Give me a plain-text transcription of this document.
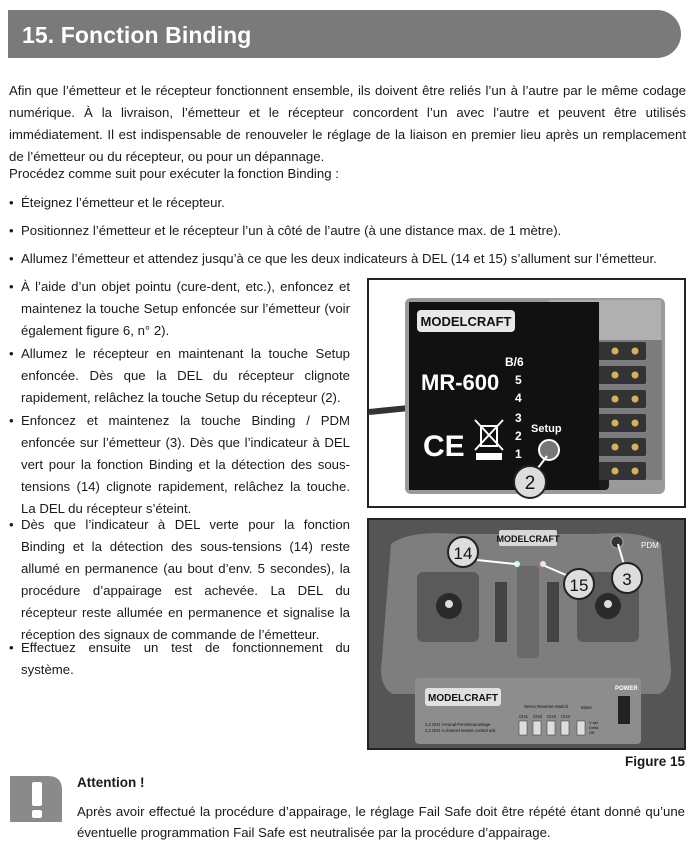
15. Fonction Binding
Afin que l’émetteur et le récepteur fonctionnent ensemble, ils doivent être reliés l’un à l’autre par le même codage numérique. À la livraison, l’émetteur et le récepteur concordent l’un avec l’autre et peuvent être utilisés immédiatement. Il est indispensable de renouveler le réglage de la liaison en premier lieu après un remplacement de l’émetteur ou du récepteur, ou pour un dépannage.
Procédez comme suit pour exécuter la fonction Binding :
• Éteignez l’émetteur et le récepteur.
• Positionnez l’émetteur et le récepteur l’un à côté de l’autre (à une distance max. de 1 mètre).
• Allumez l’émetteur et attendez jusqu’à ce que les deux indicateurs à DEL (14 et 15) s’allument sur l’émetteur.
• À l’aide d’un objet pointu (cure-dent, etc.), enfoncez et maintenez la touche Setup enfoncée sur l’émetteur (voir également figure 6, n° 2).
• Allumez le récepteur en maintenant la touche Setup enfoncée. Dès que la DEL du récepteur clignote rapidement, relâchez la touche Setup du récepteur (2).
• Enfoncez et maintenez la touche Binding / PDM enfoncée sur l’émetteur (3). Dès que l’indicateur à DEL vert pour la fonction Binding et la détection des sous-tensions (14) clignote rapidement, relâchez la touche. La DEL du récepteur s’éteint.
• Dès que l’indicateur à DEL verte pour la fonction Binding et la détection des sous-tensions (14) reste allumé en permanence (au bout d’env. 5 secondes), la procédure d’appairage est achevée. La DEL du récepteur reste allumée en permanence et signalise la réception des signaux de commande de l’émetteur.
• Effectuez ensuite un test de fonctionnement du système.
MODELCRAFT
MR-600
B/6
5
4
3
2
1
CE
Setup
2
MODELCRAFT
PDM
14
15 3
MODELCRAFT
POWER
Servo Reverse Switch
CH1 CH2 CH3 CH4
Mixer
V-tail
Delta
Off
2,4 GHz 4-Kanal-Fernsteueranlage
2,4 GHz 4 channel remote control unit
Figure 15
Attention !
Après avoir effectué la procédure d’appairage, le réglage Fail Safe doit être répété étant donné qu’une éventuelle programmation Fail Safe est neutralisée par la procédure d’appairage.
